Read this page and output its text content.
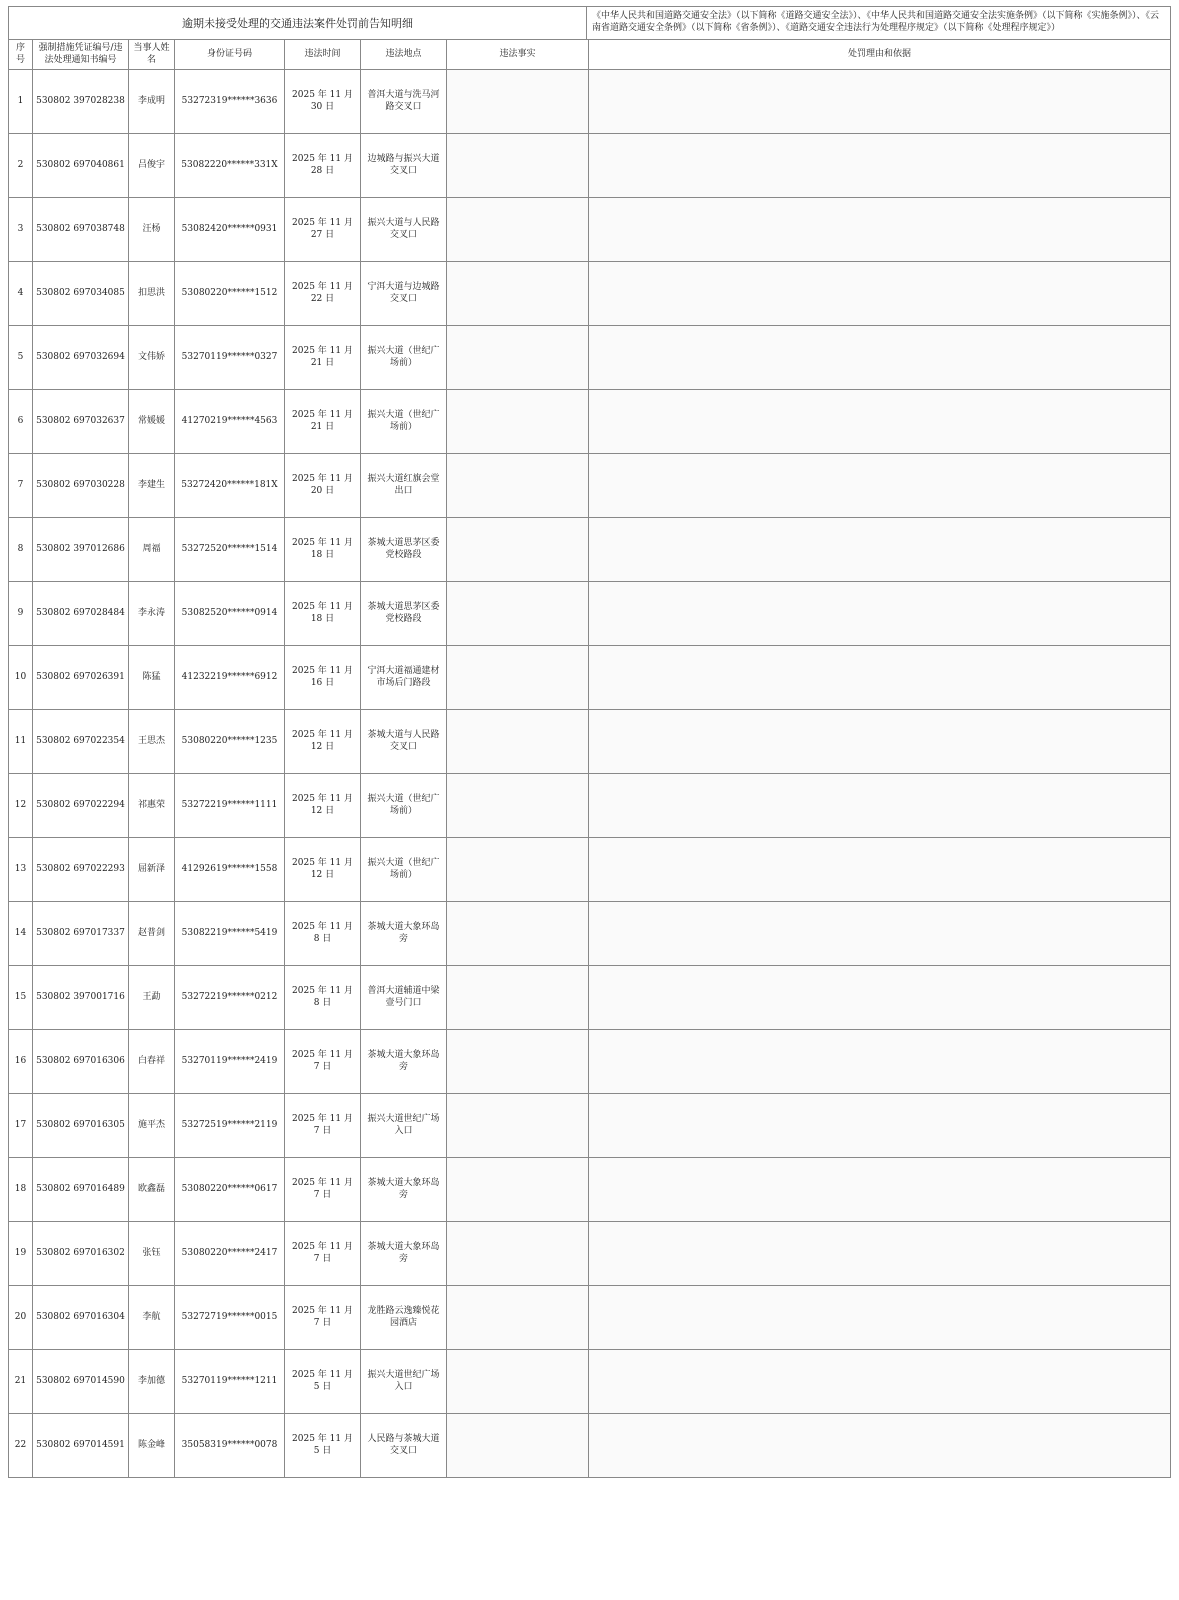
逾期未接受处理的交通违法案件处罚前告知明细
《中华人民共和国道路交通安全法》（以下简称《道路交通安全法》）、《中华人民共和国道路交通安全法实施条例》（以下简称《实施条例》）、《云南省道路交通安全条例》（以下简称《省条例》）、《道路交通安全违法行为处理程序规定》（以下简称《处理程序规定》）
序号	强制措施凭证编号/违法处理通知书编号	当事人姓名	身份证号码	违法时间	违法地点	违法事实	处罚理由和依据
1	530802 397028238	李成明	53272319******3636	2025 年 11 月 30 日	普洱大道与洗马河路交叉口		
2	530802 697040861	吕俊宇	53082220******331X	2025 年 11 月 28 日	边城路与振兴大道交叉口		
3	530802 697038748	汪杨	53082420******0931	2025 年 11 月 27 日	振兴大道与人民路交叉口		
4	530802 697034085	扣思洪	53080220******1512	2025 年 11 月 22 日	宁洱大道与边城路交叉口		
5	530802 697032694	文伟娇	53270119******0327	2025 年 11 月 21 日	振兴大道（世纪广场前）		
6	530802 697032637	常媛媛	41270219******4563	2025 年 11 月 21 日	振兴大道（世纪广场前）		
7	530802 697030228	李建生	53272420******181X	2025 年 11 月 20 日	振兴大道红旗会堂出口		
8	530802 397012686	周福	53272520******1514	2025 年 11 月 18 日	茶城大道思茅区委党校路段		
9	530802 697028484	李永涛	53082520******0914	2025 年 11 月 18 日	茶城大道思茅区委党校路段		
10	530802 697026391	陈猛	41232219******6912	2025 年 11 月 16 日	宁洱大道福通建材市场后门路段		
11	530802 697022354	王思杰	53080220******1235	2025 年 11 月 12 日	茶城大道与人民路交叉口		
12	530802 697022294	祁惠荣	53272219******1111	2025 年 11 月 12 日	振兴大道（世纪广场前）		
13	530802 697022293	屈新泽	41292619******1558	2025 年 11 月 12 日	振兴大道（世纪广场前）		
14	530802 697017337	赵普剑	53082219******5419	2025 年 11 月 8 日	茶城大道大象环岛旁		
15	530802 397001716	王勐	53272219******0212	2025 年 11 月 8 日	普洱大道辅道中梁壹号门口		
16	530802 697016306	白春祥	53270119******2419	2025 年 11 月 7 日	茶城大道大象环岛旁		
17	530802 697016305	施平杰	53272519******2119	2025 年 11 月 7 日	振兴大道世纪广场入口		
18	530802 697016489	欧鑫磊	53080220******0617	2025 年 11 月 7 日	茶城大道大象环岛旁		
19	530802 697016302	张钰	53080220******2417	2025 年 11 月 7 日	茶城大道大象环岛旁		
20	530802 697016304	李航	53272719******0015	2025 年 11 月 7 日	龙胜路云逸臻悦花园酒店		
21	530802 697014590	李加德	53270119******1211	2025 年 11 月 5 日	振兴大道世纪广场入口		
22	530802 697014591	陈金峰	35058319******0078	2025 年 11 月 5 日	人民路与茶城大道交叉口		
